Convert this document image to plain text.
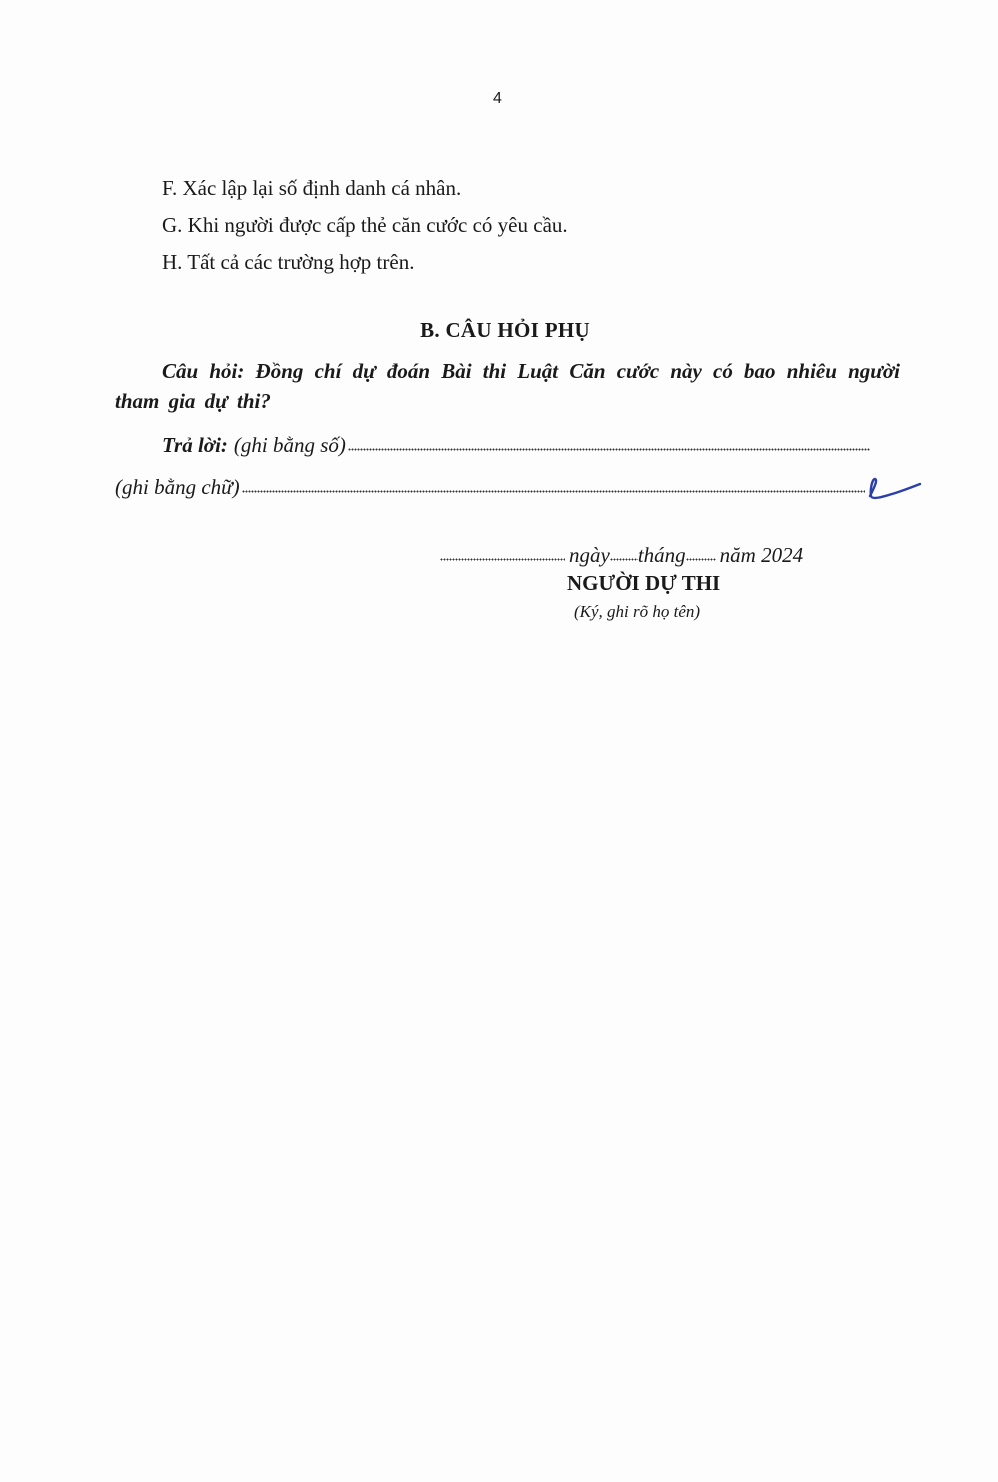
4
F. Xác lập lại số định danh cá nhân.
G. Khi người được cấp thẻ căn cước có yêu cầu.
H. Tất cả các trường hợp trên.
B. CÂU HỎI PHỤ
Câu hỏi: Đồng chí dự đoán Bài thi Luật Căn cước này có bao nhiêu người tham gia dự thi?
Trả lời: (ghi bằng số)
(ghi bằng chữ)
ngày tháng năm 2024
NGƯỜI DỰ THI
(Ký, ghi rõ họ tên)
